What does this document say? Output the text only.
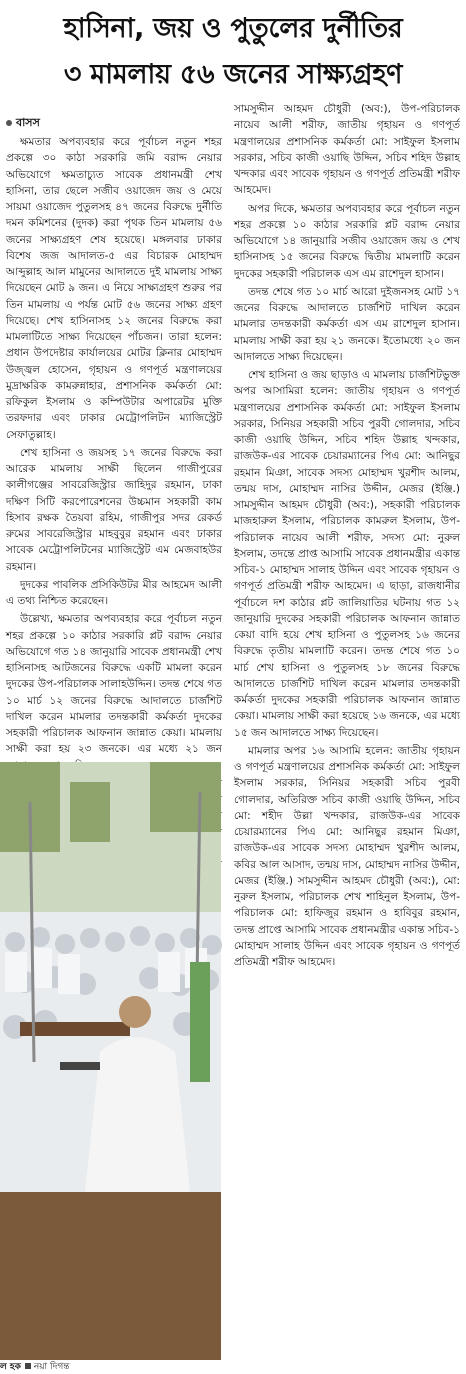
হাসিনা, জয় ও পুতুলের দুর্নীতির
৩ মামলায় ৫৬ জনের সাক্ষ্যগ্রহণ
বাসস

ক্ষমতার অপব্যবহার করে পূর্বাচল নতুন শহর প্রকল্পে ৩০ কাঠা সরকারি জমি বরাদ্দ নেয়ার অভিযোগে ক্ষমতাচ্যুত সাবেক প্রধানমন্ত্রী শেখ হাসিনা, তার ছেলে সজীব ওয়াজেদ জয় ও মেয়ে সায়মা ওয়াজেদ পুতুলসহ ৪৭ জনের বিরুদ্ধে দুর্নীতি দমন কমিশনের (দুদক) করা পৃথক তিন মামলায় ৫৬ জনের সাক্ষ্যগ্রহণ শেষ হয়েছে। মঙ্গলবার ঢাকার বিশেষ জজ আদালত-৫ এর বিচারক মোহাম্মদ আব্দুল্লাহ আল মামুনের আদালতে দুই মামলায় সাক্ষ্য দিয়েছেন মোট ৯ জন। এ নিয়ে সাক্ষ্যগ্রহণ শুরুর পর তিন মামলায় এ পর্যন্ত মোট ৫৬ জনের সাক্ষ্য গ্রহণ দিয়েছে। শেখ হাসিনাসহ ১২ জনের বিরুদ্ধে করা মামলাটিতে সাক্ষ্য দিয়েছেন পাঁচজন। তারা হলেন: প্রধান উপদেষ্টার কার্যালয়ের মোটর ক্লিনার মোহাম্মদ উজ্জ্বল হোসেন, গৃহায়ন ও গণপূর্ত মন্ত্রণালয়ের মুদ্রাক্ষরিক কামরুন্নাহার, প্রশাসনিক কর্মকর্তা মো: রফিকুল ইসলাম ও কম্পিউটার অপারেটর মুক্তি তরফদার এবং ঢাকার মেট্রোপলিটন ম্যাজিস্ট্রেট সেফাতুল্লাহ।

শেখ হাসিনা ও জয়সহ ১৭ জনের বিরুদ্ধে করা আরেক মামলায় সাক্ষী ছিলেন গাজীপুরের কালীগঞ্জের সাবরেজিস্ট্রার জাহিদুর রহমান, ঢাকা দক্ষিণ সিটি করপোরেশনের উচ্চমান সহকারী কাম হিসাব রক্ষক তৈয়বা রহিম, গাজীপুর সদর রেকর্ড রুমের সাবরেজিস্ট্রার মাহবুবুর রহমান এবং ঢাকার সাবেক মেট্রোপলিটনের ম্যাজিস্ট্রেট এম মেজবাহউর রহমান।

দুদকের পাবলিক প্রসিকিউটর মীর আহমেদ আলী এ তথ্য নিশ্চিত করেছেন।

উল্লেখ্য, ক্ষমতার অপব্যবহার করে পূর্বাচল নতুন শহর প্রকল্পে ১০ কাঠার সরকারি প্লট বরাদ্দ নেয়ার অভিযোগে গত ১৪ জানুয়ারি সাবেক প্রধানমন্ত্রী শেখ হাসিনাসহ আটজনের বিরুদ্ধে একটি মামলা করেন দুদকের উপ-পরিচালক সালাহউদ্দিন। তদন্ত শেষে গত ১০ মার্চ ১২ জনের বিরুদ্ধে আদালতে চার্জশিট দাখিল করেন মামলার তদন্তকারী কর্মকর্তা দুদকের সহকারী পরিচালক আফনান জান্নাত কেয়া। মামলায় সাক্ষী করা হয় ২৩ জনকে। এর মধ্যে ২১ জন

ল হক নয়া দিগন্ত

সামসুদ্দীন আহমদ চৌধুরী (অব:), উপ-পরিচালক নায়েব আলী শরীফ, জাতীয় গৃহায়ন ও গণপূর্ত মন্ত্রণালয়ের প্রশাসনিক কর্মকর্তা মো: সাইফুল ইসলাম সরকার, সচিব কাজী ওয়াছি উদ্দিন, সচিব শহিদ উল্লাহ খন্দকার এবং সাবেক গৃহায়ন ও গণপূর্ত প্রতিমন্ত্রী শরীফ আহমেদ।

অপর দিকে, ক্ষমতার অপব্যবহার করে পূর্বাচল নতুন শহর প্রকল্পে ১০ কাঠার সরকারি প্লট বরাদ্দ নেয়ার অভিযোগে ১৪ জানুয়ারি সজীব ওয়াজেদ জয় ও শেখ হাসিনাসহ ১৫ জনের বিরুদ্ধে দ্বিতীয় মামলাটি করেন দুদকের সহকারী পরিচালক এস এম রাশেদুল হাসান।

তদন্ত শেষে গত ১০ মার্চ আরো দুইজনসহ মোট ১৭ জনের বিরুদ্ধে আদালতে চার্জশিট দাখিল করেন মামলার তদন্তকারী কর্মকর্তা এস এম রাশেদুল হাসান। মামলায় সাক্ষী করা হয় ২১ জনকে। ইতোমধ্যে ২০ জন আদালতে সাক্ষ্য দিয়েছেন।

শেখ হাসিনা ও জয় ছাড়াও এ মামলায় চার্জশিটভুক্ত অপর আসামিরা হলেন: জাতীয় গৃহায়ন ও গণপূর্ত মন্ত্রণালয়ের প্রশাসনিক কর্মকর্তা মো: সাইফুল ইসলাম সরকার, সিনিয়র সহকারী সচিব পুরবী গোলদার, সচিব কাজী ওয়াছি উদ্দিন, সচিব শহিদ উল্লাহ খন্দকার, রাজউক-এর সাবেক চেয়ারম্যানের পিএ মো: আনিছুর রহমান মিঞা, সাবেক সদস্য মোহাম্মদ খুরশীদ আলম, তন্ময় দাস, মোহাম্মদ নাসির উদ্দীন, মেজর (ইঞ্জি.) সামসুদ্দীন আহমদ চৌধুরী (অব:), সহকারী পরিচালক মাজহারুল ইসলাম, পরিচালক কামরুল ইসলাম, উপ-পরিচালক নায়েব আলী শরীফ, সদস্য মো: নুরুল ইসলাম, তদন্তে প্রাপ্ত আসামি সাবেক প্রধানমন্ত্রীর একান্ত সচিব-১ মোহাম্মদ সালাহ উদ্দিন এবং সাবেক গৃহায়ন ও গণপূর্ত প্রতিমন্ত্রী শরীফ আহমেদ। এ ছাড়া, রাজধানীর পূর্বাচলে দশ কাঠার প্লট জালিয়াতির ঘটনায় গত ১২ জানুয়ারি দুদকের সহকারী পরিচালক আফনান জান্নাত কেয়া বাদি হয়ে শেখ হাসিনা ও পুতুলসহ ১৬ জনের বিরুদ্ধে তৃতীয় মামলাটি করেন। তদন্ত শেষে গত ১০ মার্চ শেখ হাসিনা ও পুতুলসহ ১৮ জনের বিরুদ্ধে আদালতে চার্জশিট দাখিল করেন মামলার তদন্তকারী কর্মকর্তা দুদকের সহকারী পরিচালক আফনান জান্নাত কেয়া। মামলায় সাক্ষী করা হয়েছে ১৬ জনকে, এর মধ্যে ১৫ জন আদালতে সাক্ষ্য দিয়েছেন।

মামলার অপর ১৬ আসামি হলেন: জাতীয় গৃহায়ন ও গণপূর্ত মন্ত্রণালয়ের প্রশাসনিক কর্মকর্তা মো: সাইফুল ইসলাম সরকার, সিনিয়র সহকারী সচিব পুরবী গোলদার, অতিরিক্ত সচিব কাজী ওয়াছি উদ্দিন, সচিব মো: শহীদ উল্লা খন্দকার, রাজউক-এর সাবেক চেয়ারম্যানের পিএ মো: আনিছুর রহমান মিঞা, রাজউক-এর সাবেক সদস্য মোহাম্মদ খুরশীদ আলম, কবির আল আসাদ, তন্ময় দাস, মোহাম্মদ নাসির উদ্দীন, মেজর (ইঞ্জি.) সামসুদ্দীন আহমদ চৌধুরী (অব:), মো: নুরুল ইসলাম, পরিচালক শেখ শাহিনুল ইসলাম, উপ-পরিচালক মো: হাফিজুর রহমান ও হাবিবুর রহমান, তদন্ত প্রাপ্তে আসামি সাবেক প্রধানমন্ত্রীর একান্ত সচিব-১ মোহাম্মদ সালাহ উদ্দিন এবং সাবেক গৃহায়ন ও গণপূর্ত প্রতিমন্ত্রী শরীফ আহমেদ।
